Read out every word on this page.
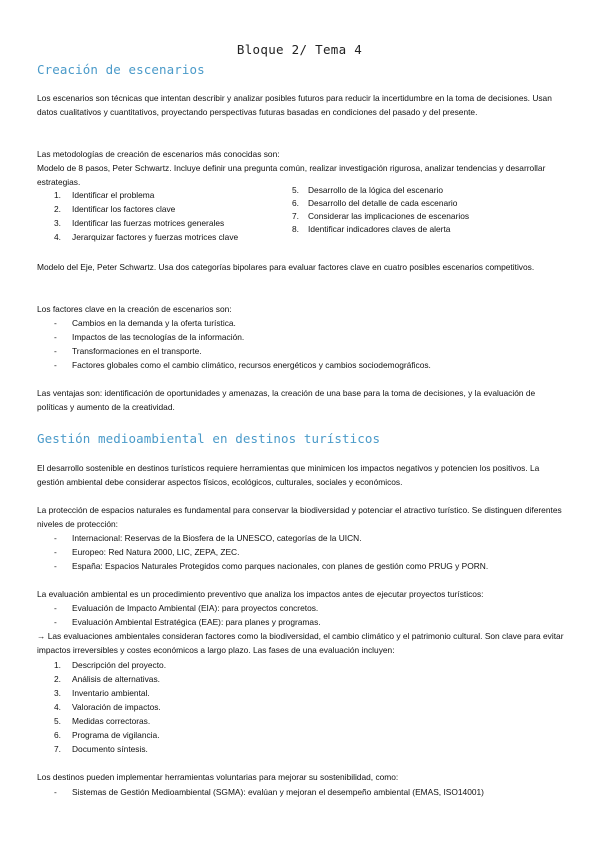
Bloque 2/ Tema 4
Creación de escenarios
Los escenarios son técnicas que intentan describir y analizar posibles futuros para reducir la incertidumbre en la toma de decisiones. Usan datos cualitativos y cuantitativos, proyectando perspectivas futuras basadas en condiciones del pasado y del presente.
Las metodologías de creación de escenarios más conocidas son:
Modelo de 8 pasos, Peter Schwartz. Incluye definir una pregunta común, realizar investigación rigurosa, analizar tendencias y desarrollar estrategias.
1. Identificar el problema
2. Identificar los factores clave
3. Identificar las fuerzas motrices generales
4. Jerarquizar factores y fuerzas motrices clave
5. Desarrollo de la lógica del escenario
6. Desarrollo del detalle de cada escenario
7. Considerar las implicaciones de escenarios
8. Identificar indicadores claves de alerta
Modelo del Eje, Peter Schwartz. Usa dos categorías bipolares para evaluar factores clave en cuatro posibles escenarios competitivos.
Los factores clave en la creación de escenarios son:
- Cambios en la demanda y la oferta turística.
- Impactos de las tecnologías de la información.
- Transformaciones en el transporte.
- Factores globales como el cambio climático, recursos energéticos y cambios sociodemográficos.
Las ventajas son: identificación de oportunidades y amenazas, la creación de una base para la toma de decisiones, y la evaluación de políticas y aumento de la creatividad.
Gestión medioambiental en destinos turísticos
El desarrollo sostenible en destinos turísticos requiere herramientas que minimicen los impactos negativos y potencien los positivos. La gestión ambiental debe considerar aspectos físicos, ecológicos, culturales, sociales y económicos.
La protección de espacios naturales es fundamental para conservar la biodiversidad y potenciar el atractivo turístico. Se distinguen diferentes niveles de protección:
- Internacional: Reservas de la Biosfera de la UNESCO, categorías de la UICN.
- Europeo: Red Natura 2000, LIC, ZEPA, ZEC.
- España: Espacios Naturales Protegidos como parques nacionales, con planes de gestión como PRUG y PORN.
La evaluación ambiental es un procedimiento preventivo que analiza los impactos antes de ejecutar proyectos turísticos:
- Evaluación de Impacto Ambiental (EIA): para proyectos concretos.
- Evaluación Ambiental Estratégica (EAE): para planes y programas.
→ Las evaluaciones ambientales consideran factores como la biodiversidad, el cambio climático y el patrimonio cultural. Son clave para evitar impactos irreversibles y costes económicos a largo plazo. Las fases de una evaluación incluyen:
1. Descripción del proyecto.
2. Análisis de alternativas.
3. Inventario ambiental.
4. Valoración de impactos.
5. Medidas correctoras.
6. Programa de vigilancia.
7. Documento síntesis.
Los destinos pueden implementar herramientas voluntarias para mejorar su sostenibilidad, como:
- Sistemas de Gestión Medioambiental (SGMA): evalúan y mejoran el desempeño ambiental (EMAS, ISO14001)
